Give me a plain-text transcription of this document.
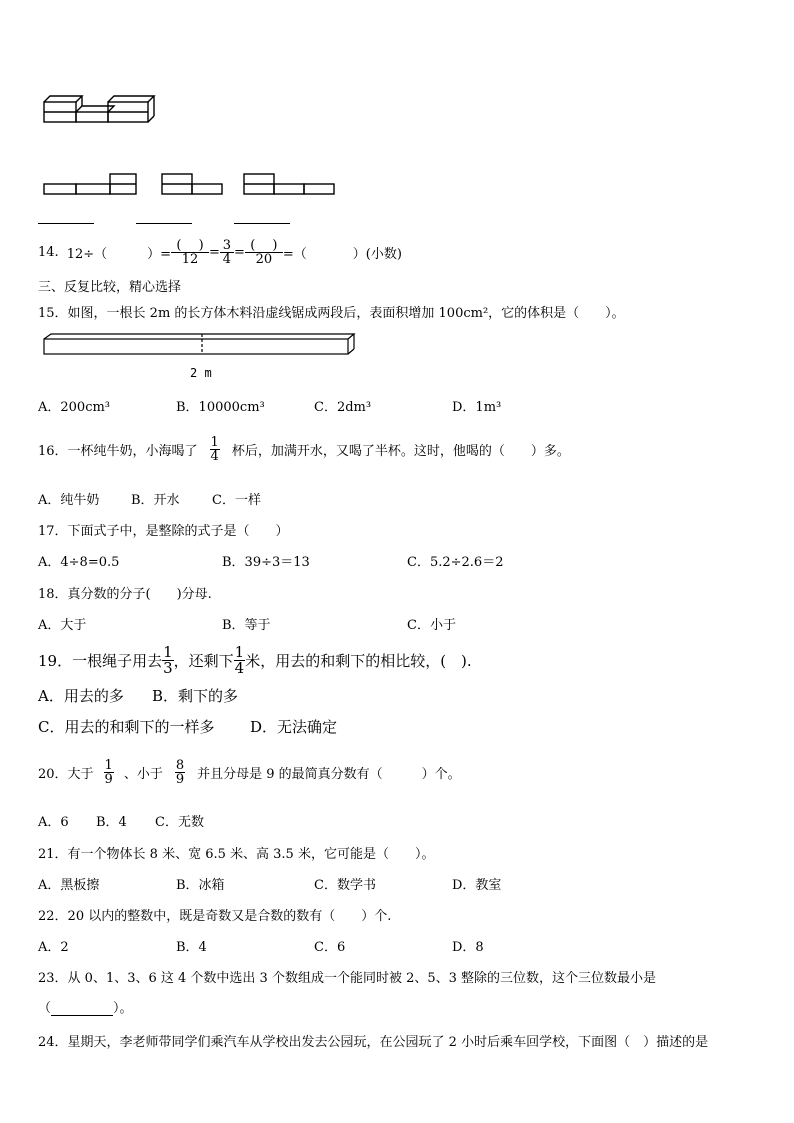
14. 12÷（	）= $\frac{( )}{12} = \frac{3}{4} = \frac{( )}{20}$ =（	）(小数)
三、反复比较，精心选择
15．如图，一根长 2m 的长方体木料沿虚线锯成两段后，表面积增加 100cm²，它的体积是（　　）。
2 m
A．200cm³	B．10000cm³	C．2dm³	D．1m³
16．一杯纯牛奶，小海喝了 $\frac{1}{4}$ 杯后，加满开水，又喝了半杯。这时，他喝的（　　）多。
A．纯牛奶 B．开水 C．一样
17．下面式子中，是整除的式子是（　　）
A．4÷8=0.5	B．39÷3＝13	C．5.2÷2.6＝2
18．真分数的分子(　　)分母.
A．大于	B．等于	C．小于
19．一根绳子用去 $\frac{1}{3}$ ，还剩下 $\frac{1}{4}$ 米，用去的和剩下的相比较，(　).
A．用去的多 B．剩下的多
C．用去的和剩下的一样多 D．无法确定
20．大于 $\frac{1}{9}$ 、小于 $\frac{8}{9}$ 并且分母是 9 的最简真分数有（　　　）个。
A．6 B．4 C．无数
21．有一个物体长 8 米、宽 6.5 米、高 3.5 米，它可能是（　　）。
A．黑板擦	B．冰箱	C．数学书	D．教室
22．20 以内的整数中，既是奇数又是合数的数有（　　）个.
A．2	B．4	C．6	D．8
23．从 0、1、3、6 这 4 个数中选出 3 个数组成一个能同时被 2、5、3 整除的三位数，这个三位数最小是
（	）。
24．星期天，李老师带同学们乘汽车从学校出发去公园玩，在公园玩了 2 小时后乘车回学校，下面图（　）描述的是
